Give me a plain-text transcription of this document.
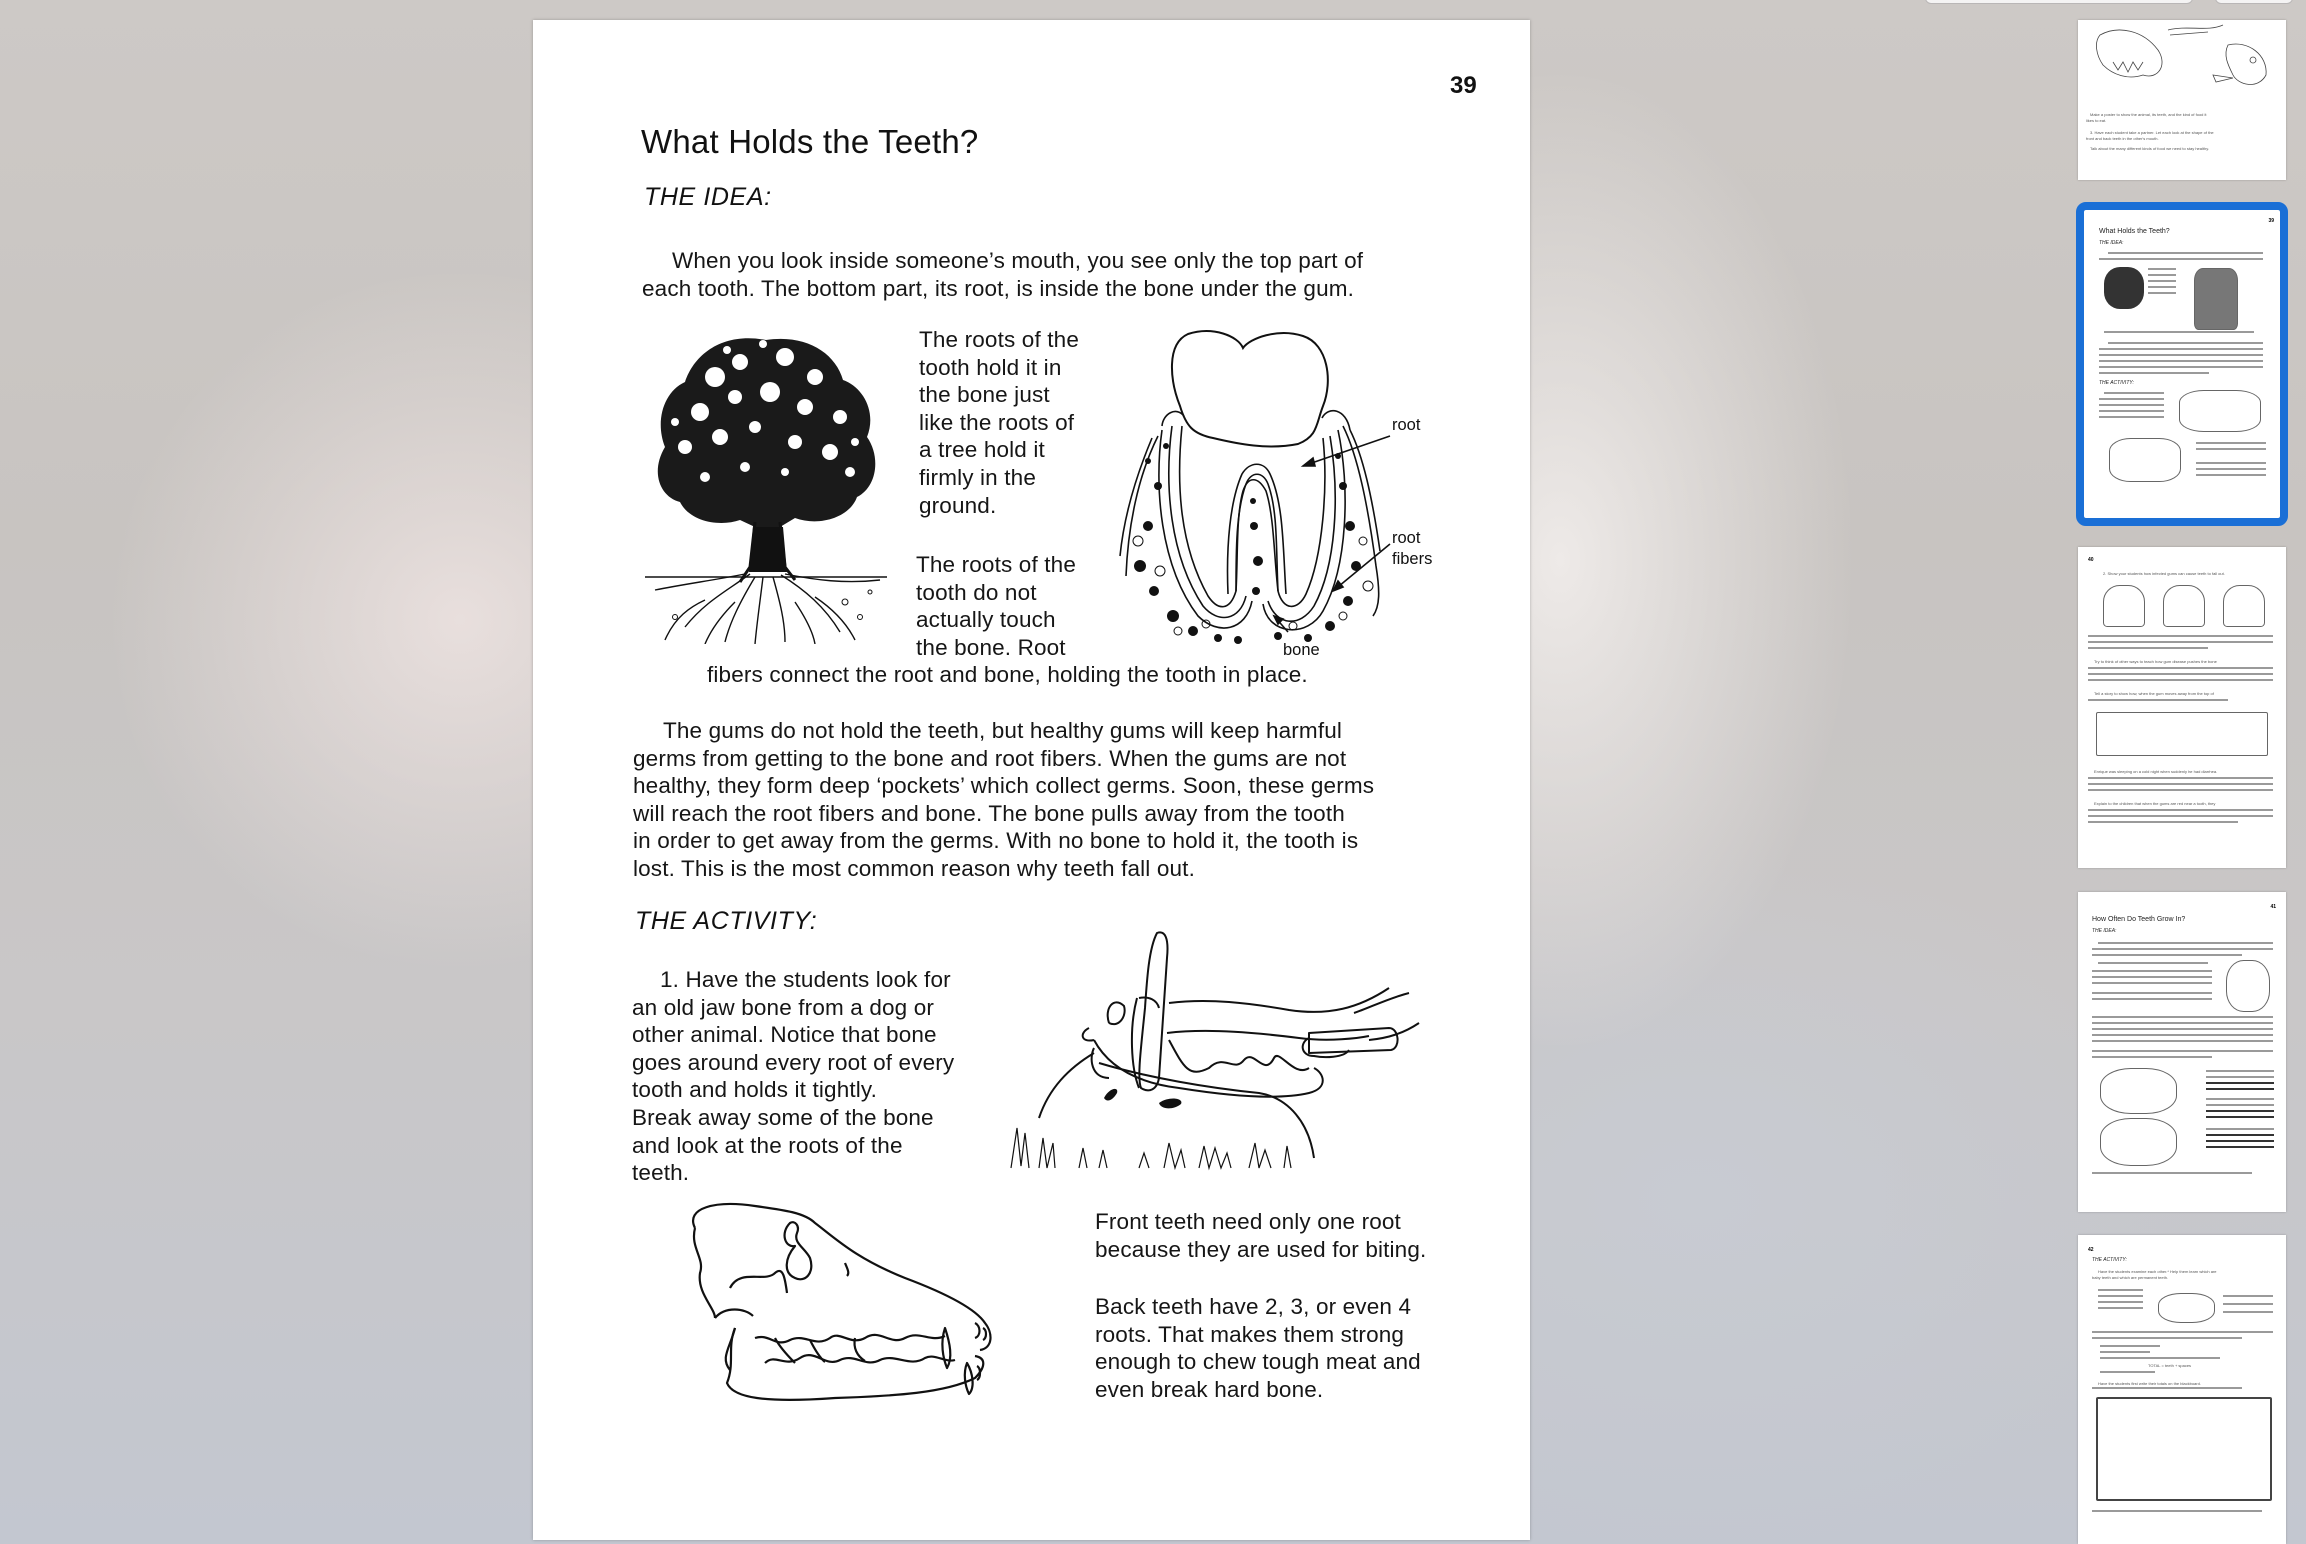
39
What Holds the Teeth?
THE IDEA:
When you look inside someone’s mouth, you see only the top part of
each tooth. The bottom part, its root, is inside the bone under the gum.
The roots of the
tooth hold it in
the bone just
like the roots of
a tree hold it
firmly in the
ground.
The roots of the
tooth do not
actually touch
the bone. Root
fibers connect the root and bone, holding the tooth in place.
root
root
fibers
bone
The gums do not hold the teeth, but healthy gums will keep harmful
germs from getting to the bone and root fibers. When the gums are not
healthy, they form deep ‘pockets’ which collect germs. Soon, these germs
will reach the root fibers and bone. The bone pulls away from the tooth
in order to get away from the germs. With no bone to hold it, the tooth is
lost. This is the most common reason why teeth fall out.
THE ACTIVITY:
1. Have the students look for
an old jaw bone from a dog or
other animal. Notice that bone
goes around every root of every
tooth and holds it tightly.
Break away some of the bone
and look at the roots of the
teeth.
Front teeth need only one root
because they are used for biting.
Back teeth have 2, 3, or even 4
roots. That makes them strong
enough to chew tough meat and
even break hard bone.
Make a poster to show the animal, its teeth, and the kind of food it
likes to eat.
3. Have each student take a partner. Let each look at the shape of the
front and back teeth in the other's mouth.
Talk about the many different kinds of food we need to stay healthy.
39
What Holds the Teeth?
THE IDEA:
THE ACTIVITY:
40
2. Show your students how infected gums can cause teeth to fall out.
Try to think of other ways to teach how gum disease pushes the bone
Tell a story to show how, when the gum moves away from the top of
Enrique was sleeping on a cold night when suddenly he had diarrhea.
Explain to the children that when the gums are red near a tooth, they
41
How Often Do Teeth Grow In?
THE IDEA:
42
THE ACTIVITY:
Have the students examine each other.* Help them learn which are
baby teeth and which are permanent teeth.
TOTAL = teeth + spaces
Have the students first write their totals on the blackboard.
